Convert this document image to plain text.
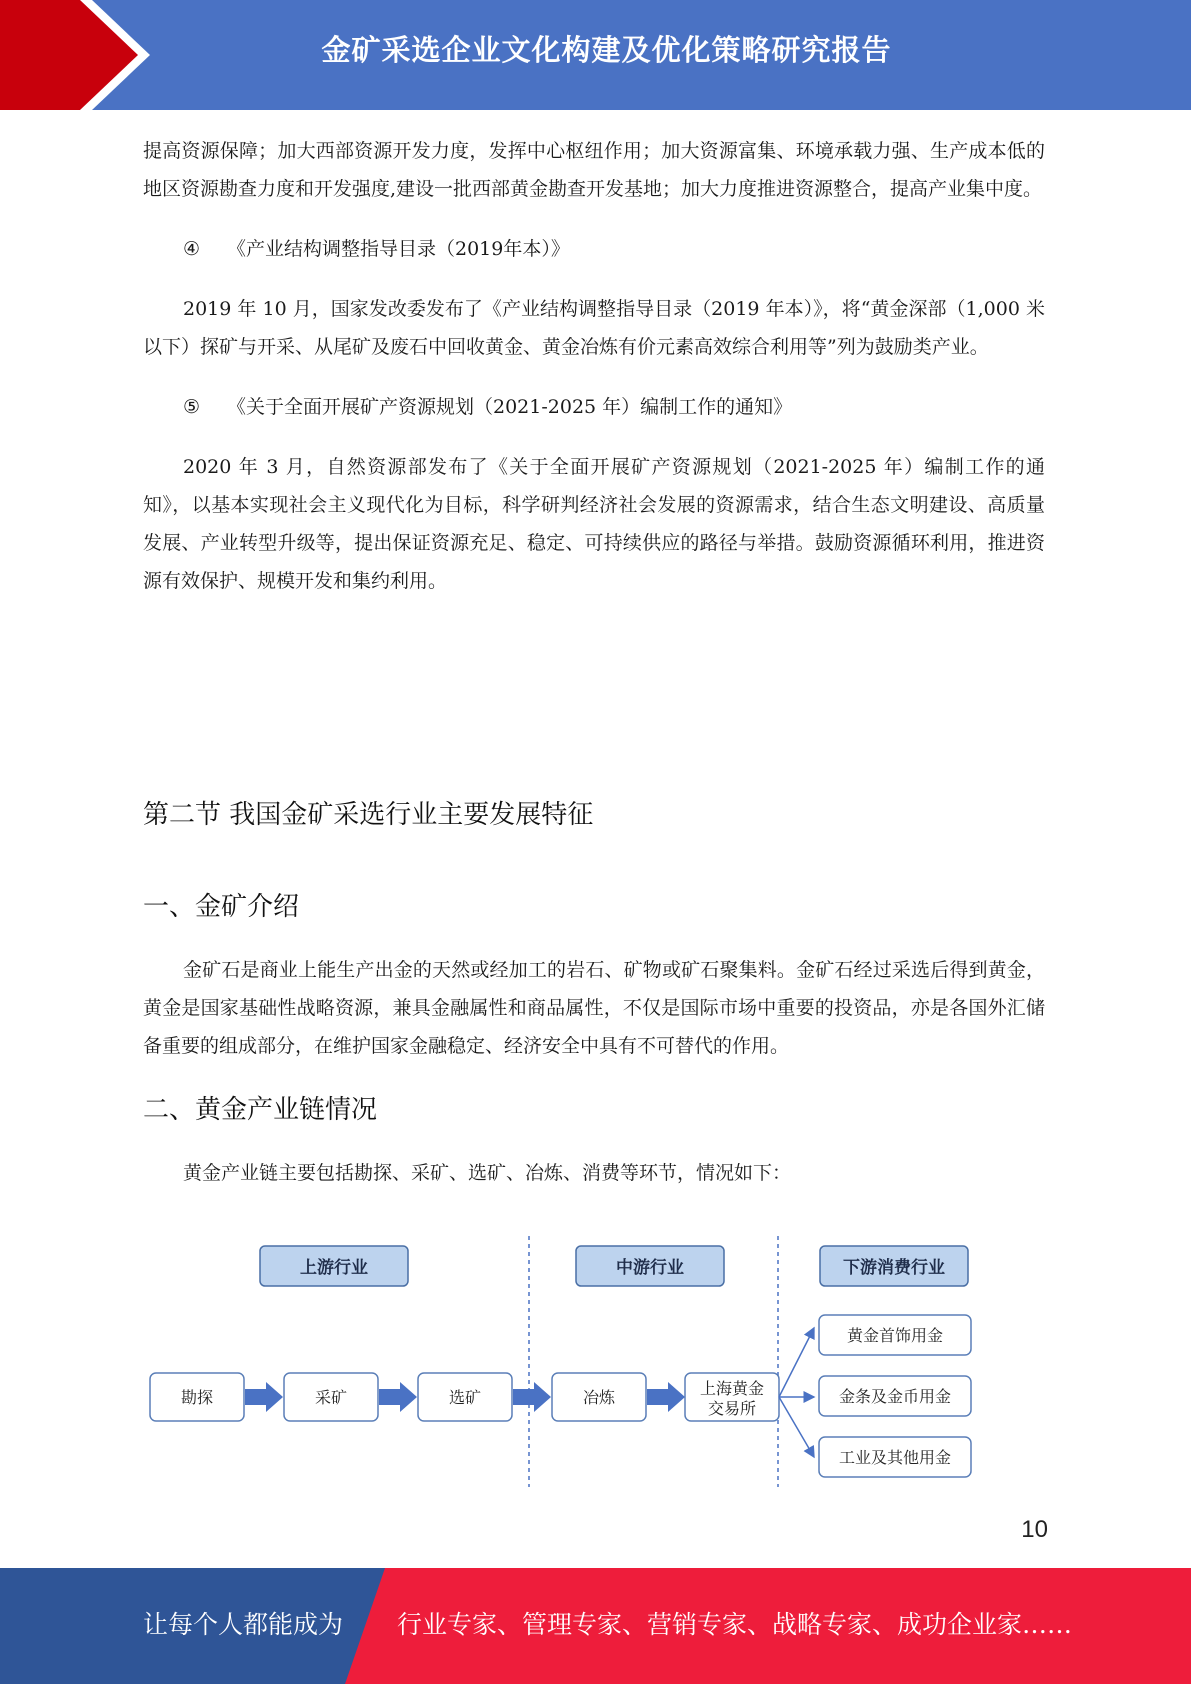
金矿采选企业文化构建及优化策略研究报告

提高资源保障；加大西部资源开发力度，发挥中心枢纽作用；加大资源富集、环境承载力强、生产成本低的地区资源勘查力度和开发强度,建设一批西部黄金勘查开发基地；加大力度推进资源整合，提高产业集中度。

④ 《产业结构调整指导目录（2019年本）》

2019 年 10 月，国家发改委发布了《产业结构调整指导目录（2019 年本）》，将“黄金深部（1,000 米以下）探矿与开采、从尾矿及废石中回收黄金、黄金冶炼有价元素高效综合利用等”列为鼓励类产业。

⑤ 《关于全面开展矿产资源规划（2021-2025 年）编制工作的通知》

2020 年 3 月，自然资源部发布了《关于全面开展矿产资源规划（2021-2025 年）编制工作的通知》，以基本实现社会主义现代化为目标，科学研判经济社会发展的资源需求，结合生态文明建设、高质量发展、产业转型升级等，提出保证资源充足、稳定、可持续供应的路径与举措。鼓励资源循环利用，推进资源有效保护、规模开发和集约利用。

第二节 我国金矿采选行业主要发展特征
一、金矿介绍

金矿石是商业上能生产出金的天然或经加工的岩石、矿物或矿石聚集料。金矿石经过采选后得到黄金，黄金是国家基础性战略资源，兼具金融属性和商品属性，不仅是国际市场中重要的投资品，亦是各国外汇储备重要的组成部分，在维护国家金融稳定、经济安全中具有不可替代的作用。

二、黄金产业链情况

黄金产业链主要包括勘探、采矿、选矿、冶炼、消费等环节，情况如下：

上游行业	中游行业	下游消费行业
勘探	采矿	选矿	冶炼	上海黄金
交易所
黄金首饰用金
金条及金币用金
工业及其他用金
10
让每个人都能成为 行业专家、管理专家、营销专家、战略专家、成功企业家……
